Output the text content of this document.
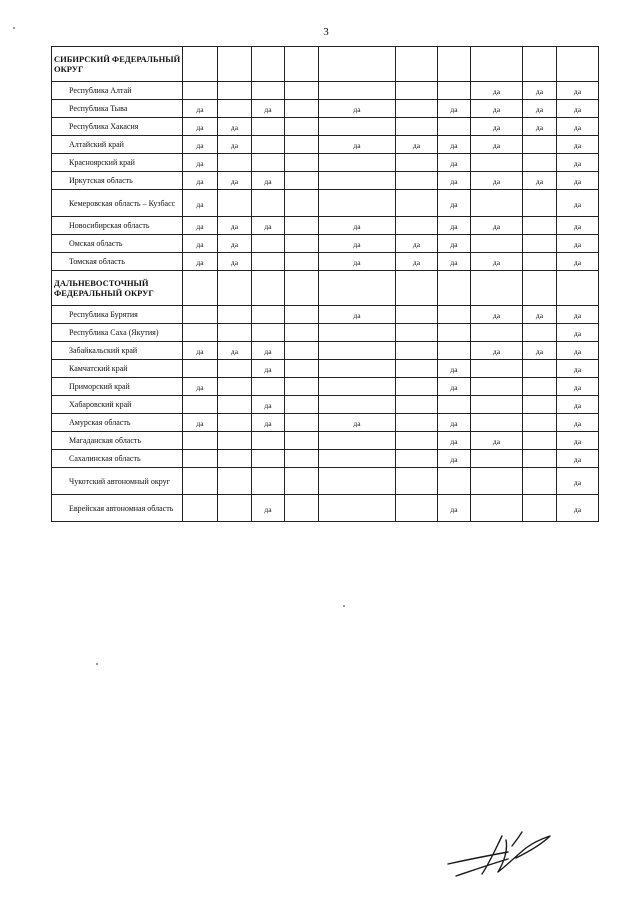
3
СИБИРСКИЙ ФЕДЕРАЛЬНЫЙ ОКРУГ										
Республика Алтай								да	да	да
Республика Тыва	да		да		да		да	да	да	да
Республика Хакасия	да	да						да	да	да
Алтайский край	да	да			да	да	да	да		да
Красноярский край	да						да			да
Иркутская область	да	да	да				да	да	да	да
Кемеровская область – Кузбасс	да						да			да
Новосибирская область	да	да	да		да		да	да		да
Омская область	да	да			да	да	да			да
Томская область	да	да			да	да	да	да		да
ДАЛЬНЕВОСТОЧНЫЙ ФЕДЕРАЛЬНЫЙ ОКРУГ										
Республика Бурятия					да			да	да	да
Республика Саха (Якутия)										да
Забайкальский край	да	да	да					да	да	да
Камчатский край			да				да			да
Приморский край	да						да			да
Хабаровский край			да							да
Амурская область	да		да		да		да			да
Магаданская область							да	да		да
Сахалинская область							да			да
Чукотский автономный округ										да
Еврейская автономная область			да				да			да
